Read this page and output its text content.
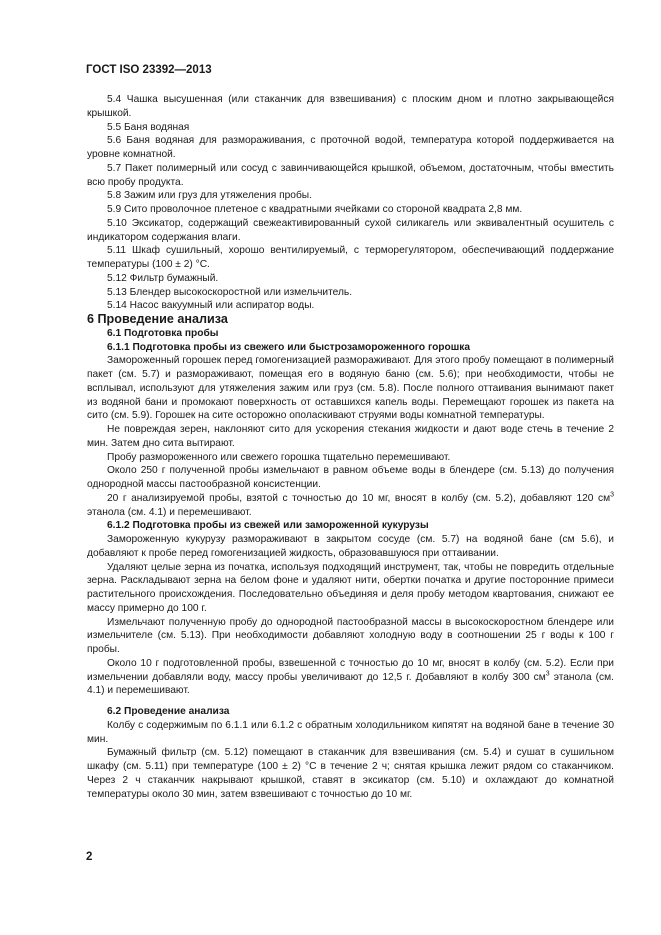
ГОСТ ISO 23392—2013

5.4 Чашка высушенная (или стаканчик для взвешивания) с плоским дном и плотно закрывающейся крышкой.

5.5 Баня водяная

5.6 Баня водяная для размораживания, с проточной водой, температура которой поддерживается на уровне комнатной.

5.7 Пакет полимерный или сосуд с завинчивающейся крышкой, объемом, достаточным, чтобы вместить всю пробу продукта.

5.8 Зажим или груз для утяжеления пробы.

5.9 Сито проволочное плетеное с квадратными ячейками со стороной квадрата 2,8 мм.

5.10 Эксикатор, содержащий свежеактивированный сухой силикагель или эквивалентный осушитель с индикатором содержания влаги.

5.11 Шкаф сушильный, хорошо вентилируемый, с терморегулятором, обеспечивающий поддержание температуры (100 ± 2) °С.

5.12 Фильтр бумажный.

5.13 Блендер высокоскоростной или измельчитель.

5.14 Насос вакуумный или аспиратор воды.

6 Проведение анализа

6.1 Подготовка пробы

6.1.1 Подготовка пробы из свежего или быстрозамороженного горошка

Замороженный горошек перед гомогенизацией размораживают. Для этого пробу помещают в полимерный пакет (см. 5.7) и размораживают, помещая его в водяную баню (см. 5.6); при необходимости, чтобы не всплывал, используют для утяжеления зажим или груз (см. 5.8). После полного оттаивания вынимают пакет из водяной бани и промокают поверхность от оставшихся капель воды. Перемещают горошек из пакета на сито (см. 5.9). Горошек на сите осторожно ополаскивают струями воды комнатной температуры.

Не повреждая зерен, наклоняют сито для ускорения стекания жидкости и дают воде стечь в течение 2 мин. Затем дно сита вытирают.

Пробу размороженного или свежего горошка тщательно перемешивают.

Около 250 г полученной пробы измельчают в равном объеме воды в блендере (см. 5.13) до получения однородной массы пастообразной консистенции.

20 г анализируемой пробы, взятой с точностью до 10 мг, вносят в колбу (см. 5.2), добавляют 120 $см^3$ этанола (см. 4.1) и перемешивают.

6.1.2 Подготовка пробы из свежей или замороженной кукурузы

Замороженную кукурузу размораживают в закрытом сосуде (см. 5.7) на водяной бане (см 5.6), и добавляют к пробе перед гомогенизацией жидкость, образовавшуюся при оттаивании.

Удаляют целые зерна из початка, используя подходящий инструмент, так, чтобы не повредить отдельные зерна. Раскладывают зерна на белом фоне и удаляют нити, обертки початка и другие посторонние примеси растительного происхождения. Последовательно объединяя и деля пробу методом квартования, снижают ее массу примерно до 100 г.

Измельчают полученную пробу до однородной пастообразной массы в высокоскоростном блендере или измельчителе (см. 5.13). При необходимости добавляют холодную воду в соотношении 25 г воды к 100 г пробы.

Около 10 г подготовленной пробы, взвешенной с точностью до 10 мг, вносят в колбу (см. 5.2). Если при измельчении добавляли воду, массу пробы увеличивают до 12,5 г. Добавляют в колбу 300 $см^3$ этанола (см. 4.1) и перемешивают.

6.2 Проведение анализа

Колбу с содержимым по 6.1.1 или 6.1.2 с обратным холодильником кипятят на водяной бане в течение 30 мин.

Бумажный фильтр (см. 5.12) помещают в стаканчик для взвешивания (см. 5.4) и сушат в сушильном шкафу (см. 5.11) при температуре (100 ± 2) °С в течение 2 ч; снятая крышка лежит рядом со стаканчиком. Через 2 ч стаканчик накрывают крышкой, ставят в эксикатор (см. 5.10) и охлаждают до комнатной температуры около 30 мин, затем взвешивают с точностью до 10 мг.

2
